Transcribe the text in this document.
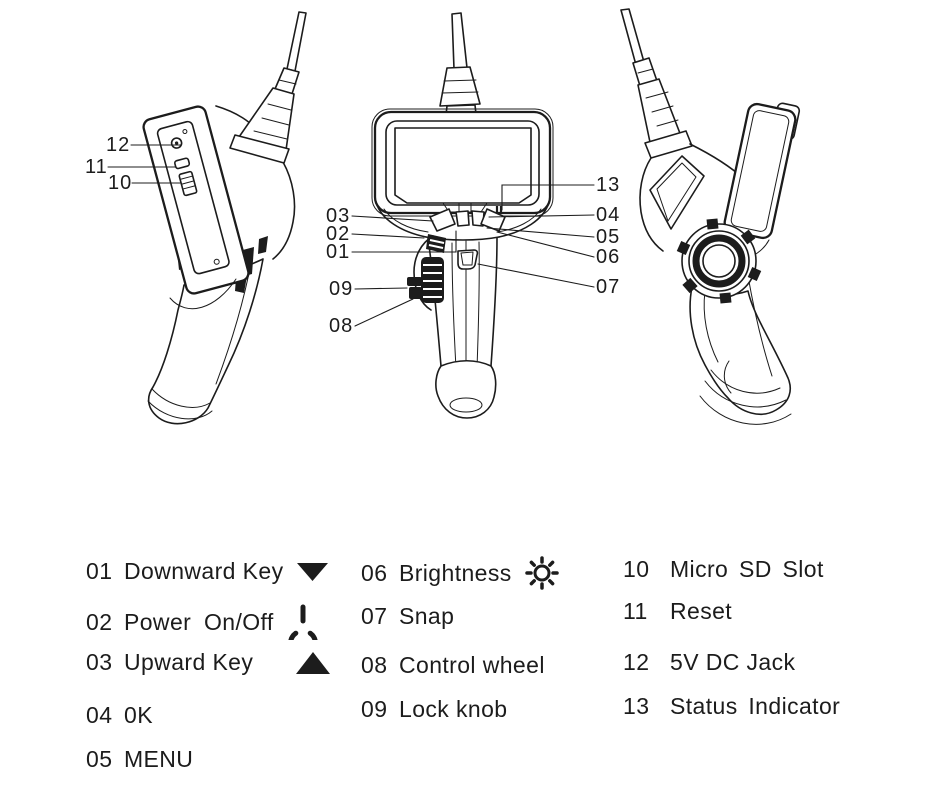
12
11
10
03
02
01
09
08
13
04
05
06
07
01 Downward Key
02 Power On/Off
03 Upward Key
04 0K
05 MENU
06 Brightness
07 Snap
08 Control wheel
09 Lock knob
10 Micro SD Slot
11 Reset
12 5V DC Jack
13 Status Indicator
